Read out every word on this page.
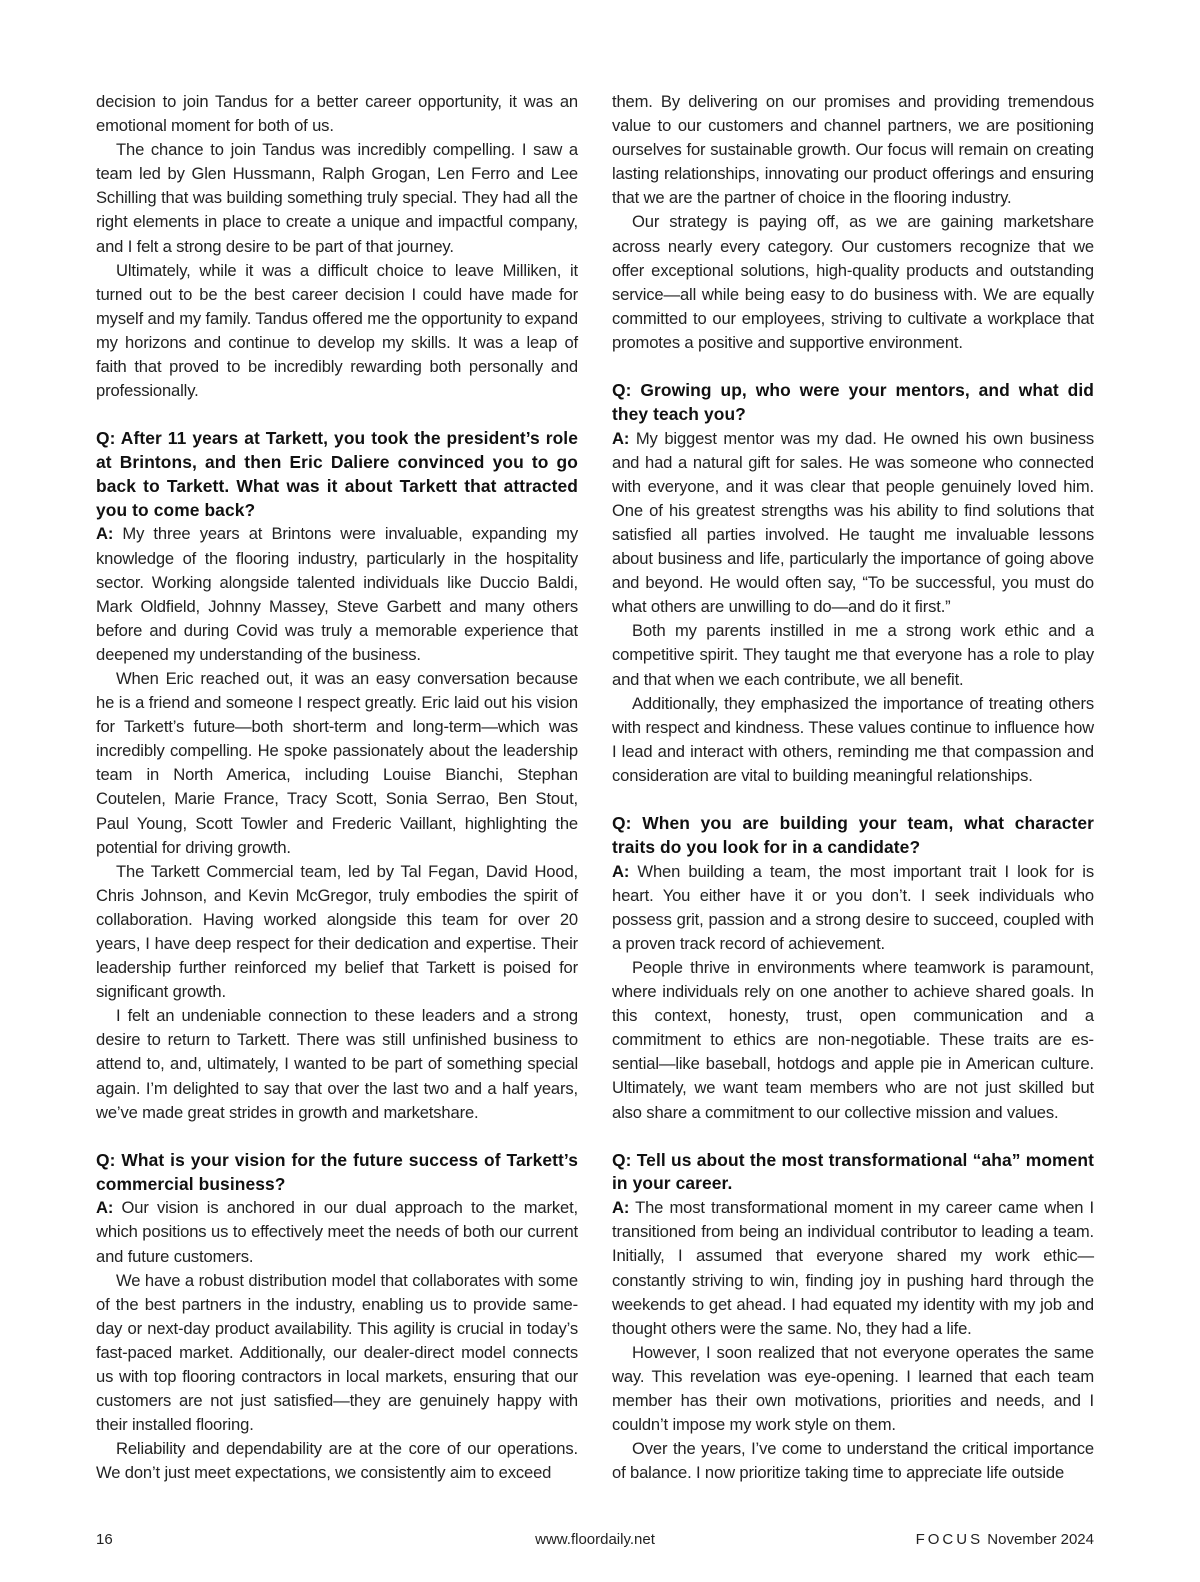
decision to join Tandus for a better career opportunity, it was an emotional moment for both of us.

The chance to join Tandus was incredibly compelling. I saw a team led by Glen Hussmann, Ralph Grogan, Len Ferro and Lee Schilling that was building something truly special. They had all the right elements in place to create a unique and impactful company, and I felt a strong desire to be part of that journey.

Ultimately, while it was a difficult choice to leave Milliken, it turned out to be the best career decision I could have made for myself and my family. Tandus offered me the opportunity to expand my horizons and continue to develop my skills. It was a leap of faith that proved to be incredibly rewarding both personally and professionally.

Q: After 11 years at Tarkett, you took the president’s role at Brintons, and then Eric Daliere convinced you to go back to Tarkett. What was it about Tarkett that attracted you to come back?

A: My three years at Brintons were invaluable, expanding my knowledge of the flooring industry, particularly in the hospitality sector. Working alongside talented individuals like Duccio Baldi, Mark Oldfield, Johnny Massey, Steve Garbett and many others before and during Covid was truly a memorable experience that deepened my understanding of the business.

When Eric reached out, it was an easy conversation because he is a friend and someone I respect greatly. Eric laid out his vision for Tarkett’s future—both short-term and long-term—which was incredibly compelling. He spoke passionately about the leadership team in North America, including Louise Bianchi, Stephan Coutelen, Marie France, Tracy Scott, Sonia Serrao, Ben Stout, Paul Young, Scott Towler and Frederic Vaillant, highlighting the potential for driving growth.

The Tarkett Commercial team, led by Tal Fegan, David Hood, Chris Johnson, and Kevin McGregor, truly embodies the spirit of collaboration. Having worked alongside this team for over 20 years, I have deep respect for their dedication and expertise. Their leadership further reinforced my belief that Tarkett is poised for significant growth.

I felt an undeniable connection to these leaders and a strong desire to return to Tarkett. There was still unfinished business to attend to, and, ultimately, I wanted to be part of something special again. I’m delighted to say that over the last two and a half years, we’ve made great strides in growth and marketshare.

Q: What is your vision for the future success of Tarkett’s commercial business?

A: Our vision is anchored in our dual approach to the market, which positions us to effectively meet the needs of both our current and future customers.

We have a robust distribution model that collaborates with some of the best partners in the industry, enabling us to provide same-day or next-day product availability. This agility is crucial in today’s fast-paced market. Additionally, our dealer-direct model connects us with top flooring contractors in local markets, ensuring that our customers are not just satisfied—they are genuinely happy with their installed flooring.

Reliability and dependability are at the core of our operations. We don’t just meet expectations, we consistently aim to exceed

them. By delivering on our promises and providing tremendous value to our customers and channel partners, we are positioning ourselves for sustainable growth. Our focus will remain on creating lasting relationships, innovating our product offerings and ensuring that we are the partner of choice in the flooring industry.

Our strategy is paying off, as we are gaining marketshare across nearly every category. Our customers recognize that we offer exceptional solutions, high-quality products and outstanding service—all while being easy to do business with. We are equally committed to our employees, striving to cultivate a workplace that promotes a positive and supportive environment.

Q: Growing up, who were your mentors, and what did they teach you?

A: My biggest mentor was my dad. He owned his own business and had a natural gift for sales. He was someone who connected with everyone, and it was clear that people genuinely loved him. One of his greatest strengths was his ability to find solutions that satisfied all parties involved. He taught me invaluable lessons about business and life, particularly the importance of going above and beyond. He would often say, “To be successful, you must do what others are unwilling to do—and do it first.”

Both my parents instilled in me a strong work ethic and a competitive spirit. They taught me that everyone has a role to play and that when we each contribute, we all benefit.

Additionally, they emphasized the importance of treating others with respect and kindness. These values continue to influence how I lead and interact with others, reminding me that compassion and consideration are vital to building meaningful relationships.

Q: When you are building your team, what character traits do you look for in a candidate?

A: When building a team, the most important trait I look for is heart. You either have it or you don’t. I seek individuals who possess grit, passion and a strong desire to succeed, coupled with a proven track record of achievement.

People thrive in environments where teamwork is paramount, where individuals rely on one another to achieve shared goals. In this context, honesty, trust, open communication and a commitment to ethics are non-negotiable. These traits are essential—like baseball, hotdogs and apple pie in American culture. Ultimately, we want team members who are not just skilled but also share a commitment to our collective mission and values.

Q: Tell us about the most transformational “aha” moment in your career.

A: The most transformational moment in my career came when I transitioned from being an individual contributor to leading a team. Initially, I assumed that everyone shared my work ethic—constantly striving to win, finding joy in pushing hard through the weekends to get ahead. I had equated my identity with my job and thought others were the same. No, they had a life.

However, I soon realized that not everyone operates the same way. This revelation was eye-opening. I learned that each team member has their own motivations, priorities and needs, and I couldn’t impose my work style on them.

Over the years, I’ve come to understand the critical importance of balance. I now prioritize taking time to appreciate life outside

16	www.floordaily.net	FOCUS November 2024
